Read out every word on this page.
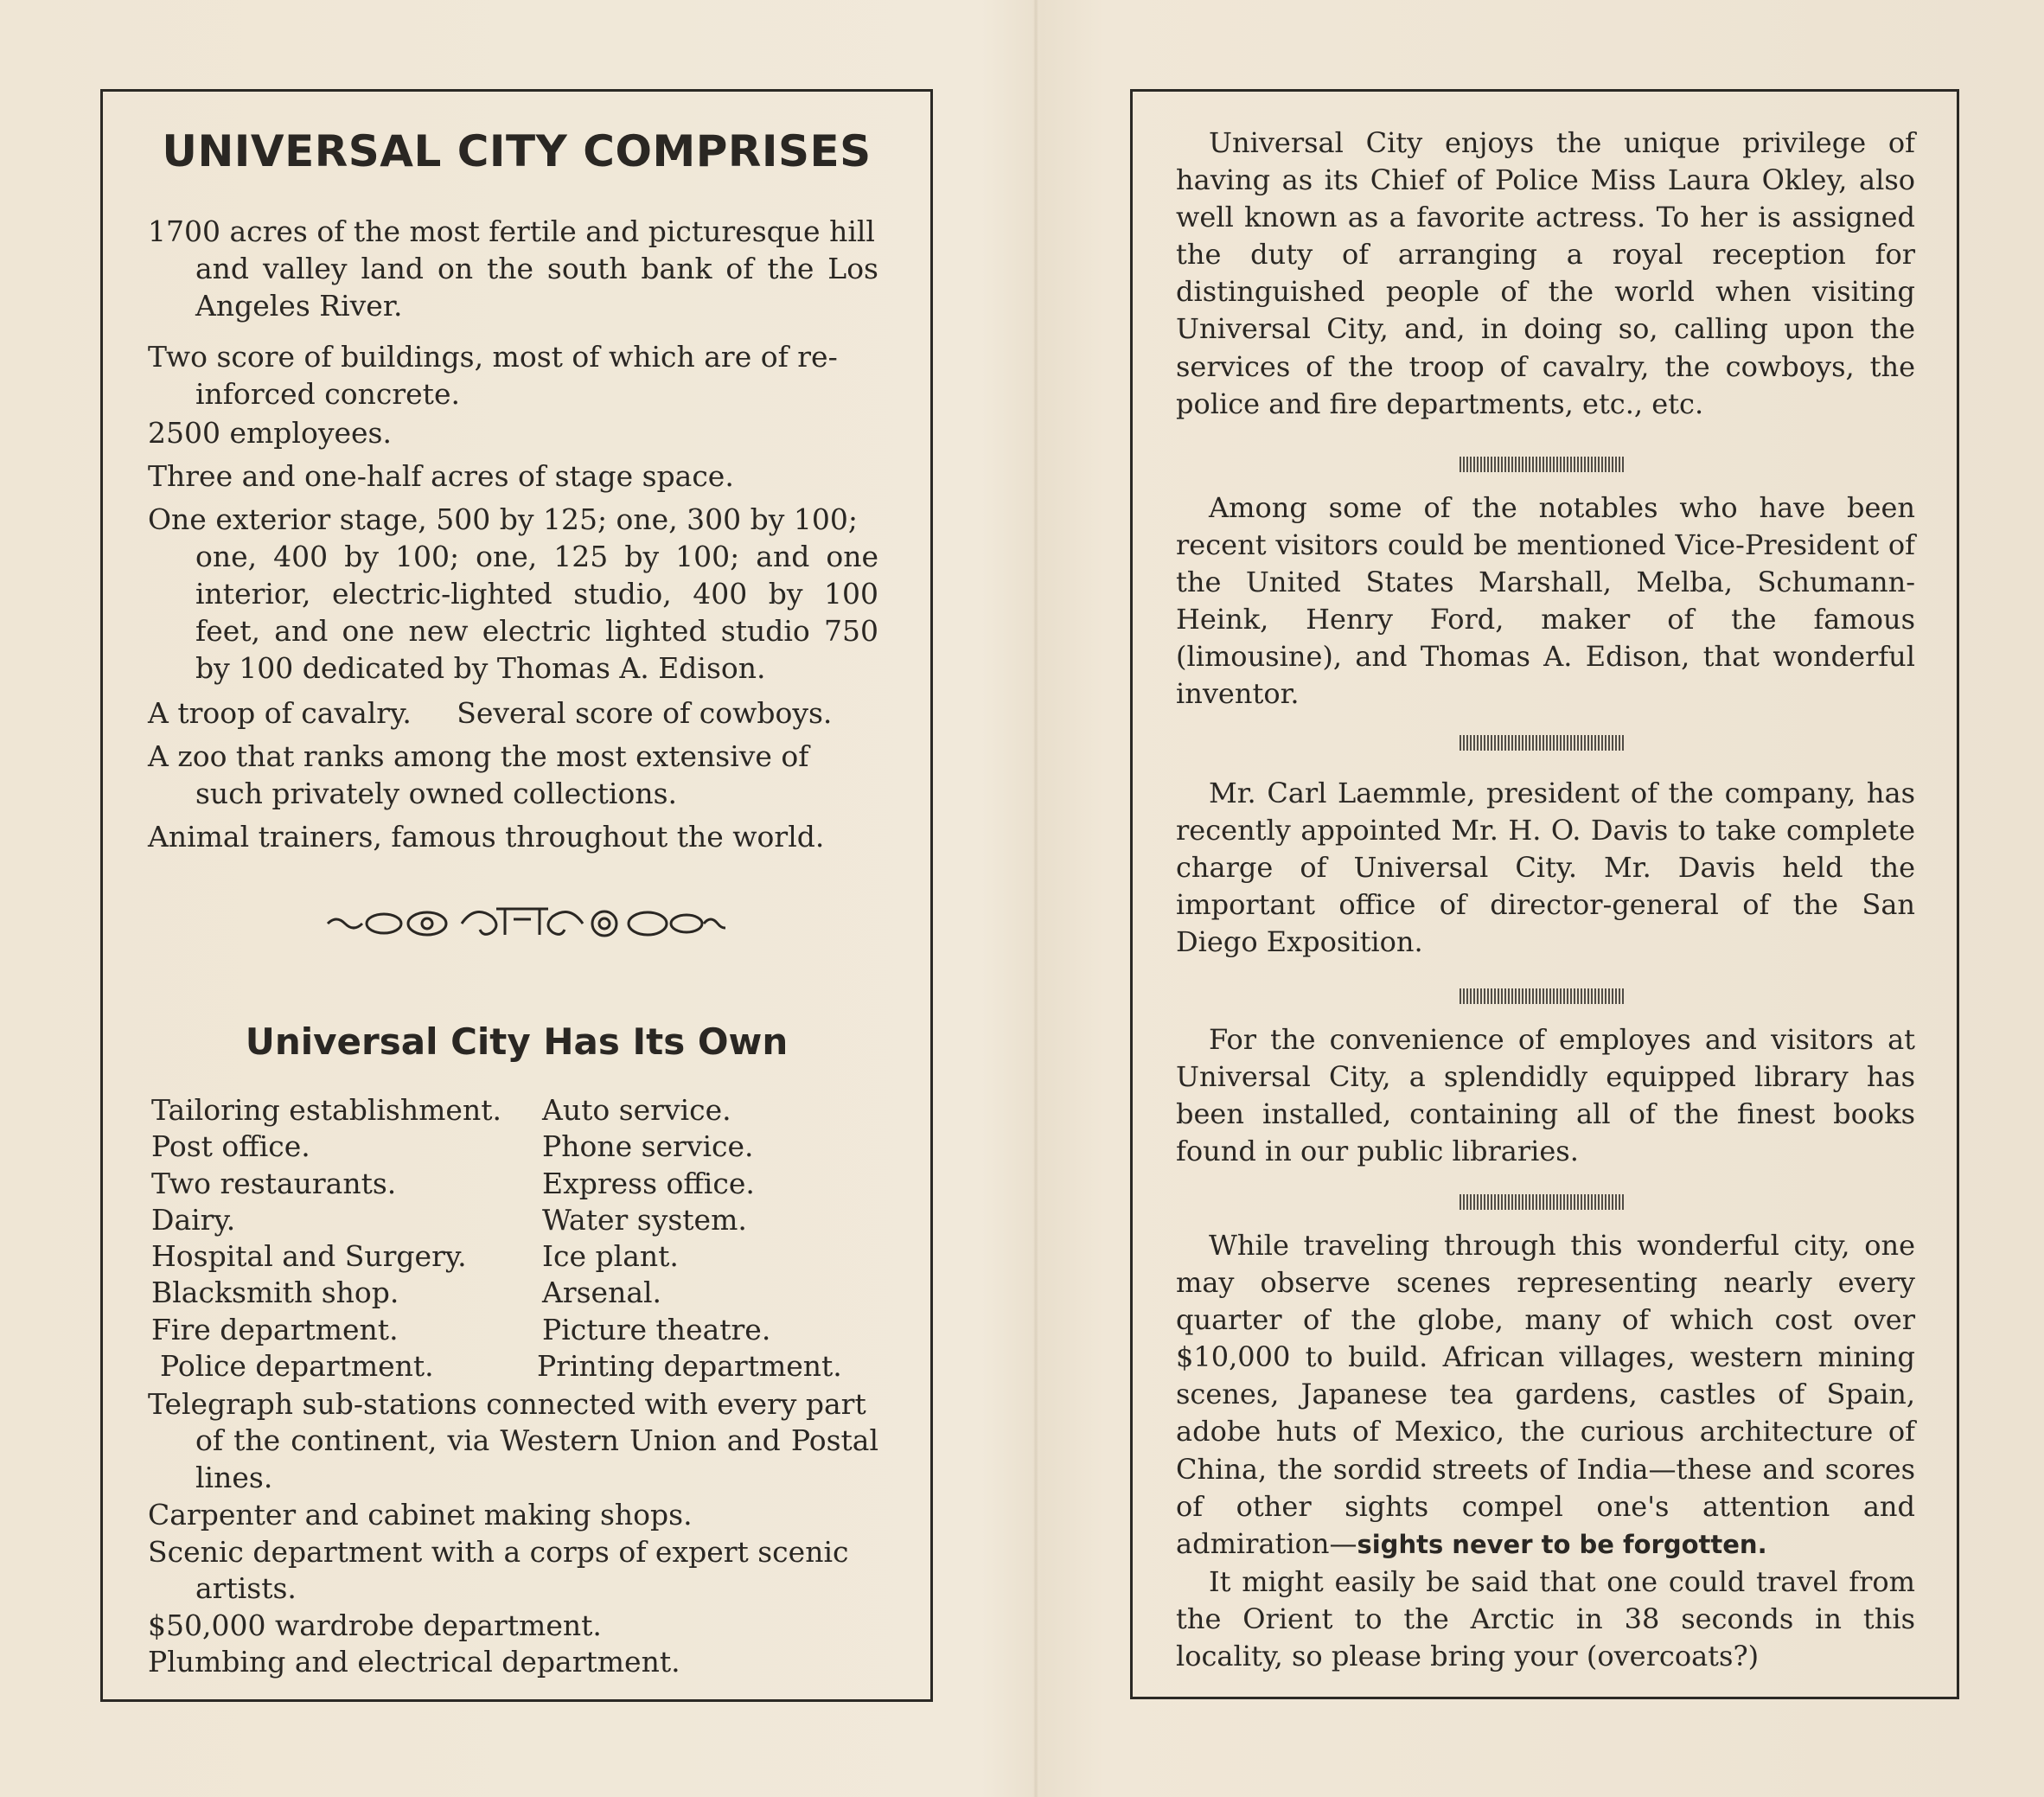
UNIVERSAL CITY COMPRISES
1700 acres of the most fertile and picturesque hill
and valley land on the south bank of the Los Angeles River.
Two score of buildings, most of which are of re-
inforced concrete.
2500 employees.
Three and one-half acres of stage space.
One exterior stage, 500 by 125; one, 300 by 100;
one, 400 by 100; one, 125 by 100; and one interior, electric-lighted studio, 400 by 100 feet, and one new electric lighted studio 750 by 100 dedicated by Thomas A. Edison.
A troop of cavalry.     Several score of cowboys.
A zoo that ranks among the most extensive of
such privately owned collections.
Animal trainers, famous throughout the world.
Universal City Has Its Own
Tailoring establishment.
Post office.
Two restaurants.
Dairy.
Hospital and Surgery.
Blacksmith shop.
Fire department.
Police department.
Auto service.
Phone service.
Express office.
Water system.
Ice plant.
Arsenal.
Picture theatre.
Printing department.
Telegraph sub-stations connected with every part
of the continent, via Western Union and Postal lines.
Carpenter and cabinet making shops.
Scenic department with a corps of expert scenic
artists.
$50,000 wardrobe department.
Plumbing and electrical department.
Universal City enjoys the unique privilege of having as its Chief of Police Miss Laura Okley, also well known as a favorite actress. To her is assigned the duty of arranging a royal reception for distinguished people of the world when visiting Universal City, and, in doing so, calling upon the services of the troop of cavalry, the cowboys, the police and fire departments, etc., etc.
Among some of the notables who have been recent visitors could be mentioned Vice-President of the United States Marshall, Melba, Schumann-Heink, Henry Ford, maker of the famous (limousine), and Thomas A. Edison, that wonderful inventor.
Mr. Carl Laemmle, president of the company, has recently appointed Mr. H. O. Davis to take complete charge of Universal City. Mr. Davis held the important office of director-general of the San Diego Exposition.
For the convenience of employes and visitors at Universal City, a splendidly equipped library has been installed, containing all of the finest books found in our public libraries.
While traveling through this wonderful city, one may observe scenes representing nearly every quarter of the globe, many of which cost over $10,000 to build. African villages, western mining scenes, Japanese tea gardens, castles of Spain, adobe huts of Mexico, the curious architecture of China, the sordid streets of India—these and scores of other sights compel one's attention and admiration—sights never to be forgotten.
It might easily be said that one could travel from the Orient to the Arctic in 38 seconds in this locality, so please bring your (overcoats?)
